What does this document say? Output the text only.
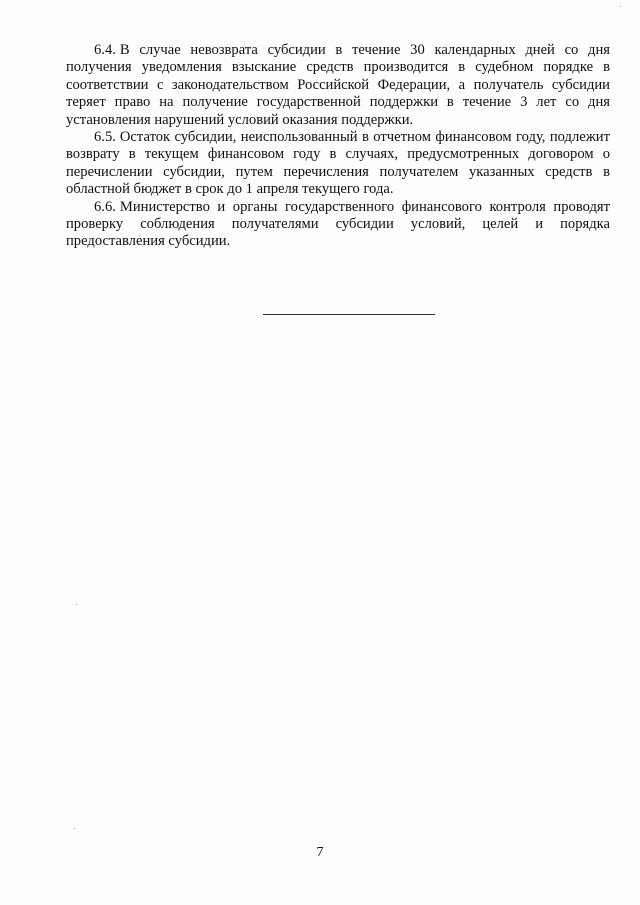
6.4. В случае невозврата субсидии в течение 30 календарных дней со дня получения уведомления взыскание средств производится в судебном порядке в соответствии с законодательством Российской Федерации, а получатель субсидии теряет право на получение государственной поддержки в течение 3 лет со дня установления нарушений условий оказания поддержки.

6.5. Остаток субсидии, неиспользованный в отчетном финансовом году, подлежит возврату в текущем финансовом году в случаях, предусмотренных договором о перечислении субсидии, путем перечисления получателем указанных средств в областной бюджет в срок до 1 апреля текущего года.

6.6. Министерство и органы государственного финансового контроля проводят проверку соблюдения получателями субсидии условий, целей и порядка предоставления субсидии.

7
